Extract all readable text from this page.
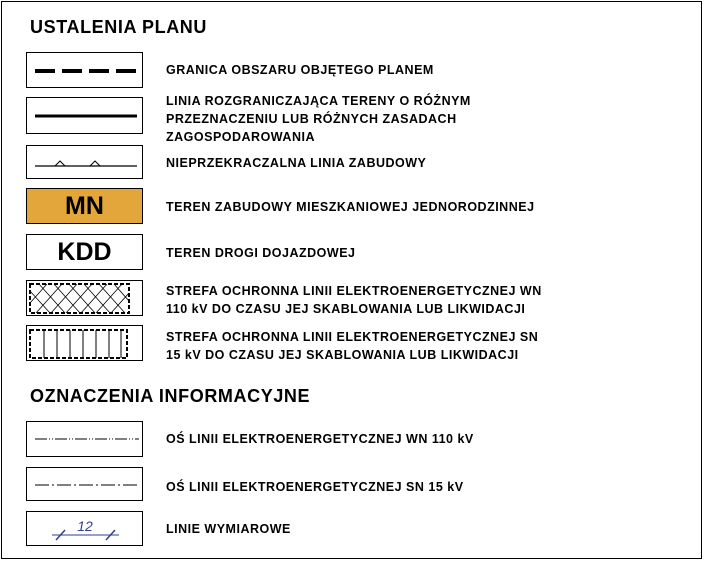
USTALENIA PLANU
GRANICA OBSZARU OBJĘTEGO PLANEM
LINIA ROZGRANICZAJĄCA TERENY O RÓŻNYM
PRZEZNACZENIU LUB RÓŻNYCH ZASADACH
ZAGOSPODAROWANIA
NIEPRZEKRACZALNA LINIA ZABUDOWY
MN	TEREN ZABUDOWY MIESZKANIOWEJ JEDNORODZINNEJ
KDD	TEREN DROGI DOJAZDOWEJ
STREFA OCHRONNA LINII ELEKTROENERGETYCZNEJ WN
110 kV DO CZASU JEJ SKABLOWANIA LUB LIKWIDACJI
STREFA OCHRONNA LINII ELEKTROENERGETYCZNEJ SN
15 kV DO CZASU JEJ SKABLOWANIA LUB LIKWIDACJI
OZNACZENIA INFORMACYJNE
OŚ LINII ELEKTROENERGETYCZNEJ WN 110 kV
OŚ LINII ELEKTROENERGETYCZNEJ SN 15 kV
12	LINIE WYMIAROWE
